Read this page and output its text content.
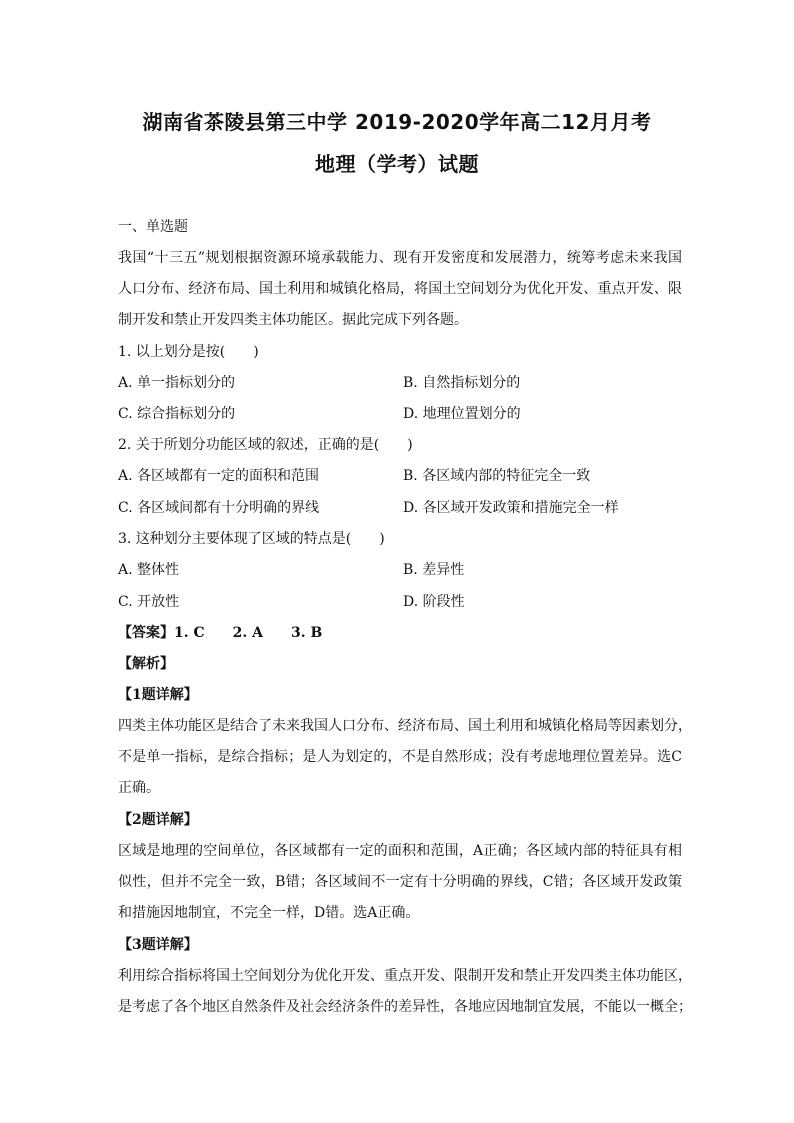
湖南省茶陵县第三中学 2019-2020学年高二12月月考
地理（学考）试题
一、单选题
我国“十三五”规划根据资源环境承载能力、现有开发密度和发展潜力，统筹考虑未来我国
人口分布、经济布局、国土利用和城镇化格局，将国土空间划分为优化开发、重点开发、限
制开发和禁止开发四类主体功能区。据此完成下列各题。
1. 以上划分是按(　　)
A. 单一指标划分的	B. 自然指标划分的
C. 综合指标划分的	D. 地理位置划分的
2. 关于所划分功能区域的叙述，正确的是(　　)
A. 各区域都有一定的面积和范围	B. 各区域内部的特征完全一致
C. 各区域间都有十分明确的界线	D. 各区域开发政策和措施完全一样
3. 这种划分主要体现了区域的特点是(　　)
A. 整体性	B. 差异性
C. 开放性	D. 阶段性
【答案】1. C　　2. A　　3. B
【解析】
【1题详解】
四类主体功能区是结合了未来我国人口分布、经济布局、国土利用和城镇化格局等因素划分，
不是单一指标，是综合指标；是人为划定的，不是自然形成；没有考虑地理位置差异。选C
正确。
【2题详解】
区域是地理的空间单位，各区域都有一定的面积和范围，A正确；各区域内部的特征具有相
似性，但并不完全一致，B错；各区域间不一定有十分明确的界线，C错；各区域开发政策
和措施因地制宜，不完全一样，D错。选A正确。
【3题详解】
利用综合指标将国土空间划分为优化开发、重点开发、限制开发和禁止开发四类主体功能区，
是考虑了各个地区自然条件及社会经济条件的差异性，各地应因地制宜发展，不能以一概全；
